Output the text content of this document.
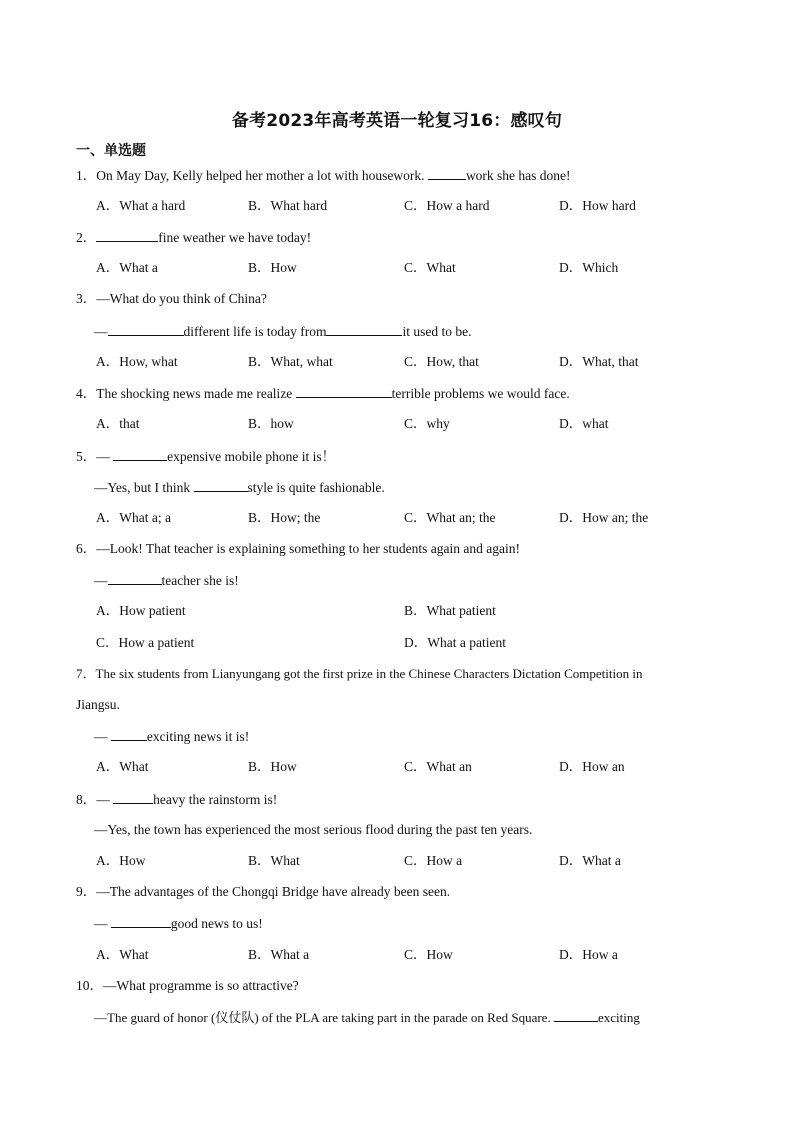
备考2023年高考英语一轮复习16：感叹句
一、单选题
1．On May Day, Kelly helped her mother a lot with housework.	work she has done!
A．What a hard	B．What hard	C．How a hard	D．How hard
2．	fine weather we have today!
A．What a	B．How	C．What	D．Which
3．—What do you think of China?
—	different life is today from	it used to be.
A．How, what	B．What, what	C．How, that	D．What, that
4．The shocking news made me realize	terrible problems we would face.
A．that	B．how	C．why	D．what
5．—	expensive mobile phone it is！
—Yes, but I think	style is quite fashionable.
A．What a; a	B．How; the	C．What an; the	D．How an; the
6．—Look! That teacher is explaining something to her students again and again!
—	teacher she is!
A．How patient	B．What patient
C．How a patient	D．What a patient
7．The six students from Lianyungang got the first prize in the Chinese Characters Dictation Competition in
Jiangsu.
—	exciting news it is!
A．What	B．How	C．What an	D．How an
8．—	heavy the rainstorm is!
—Yes, the town has experienced the most serious flood during the past ten years.
A．How	B．What	C．How a	D．What a
9．—The advantages of the Chongqi Bridge have already been seen.
—	good news to us!
A．What	B．What a	C．How	D．How a
10．—What programme is so attractive?
—The guard of honor (仪仗队) of the PLA are taking part in the parade on Red Square.	exciting
